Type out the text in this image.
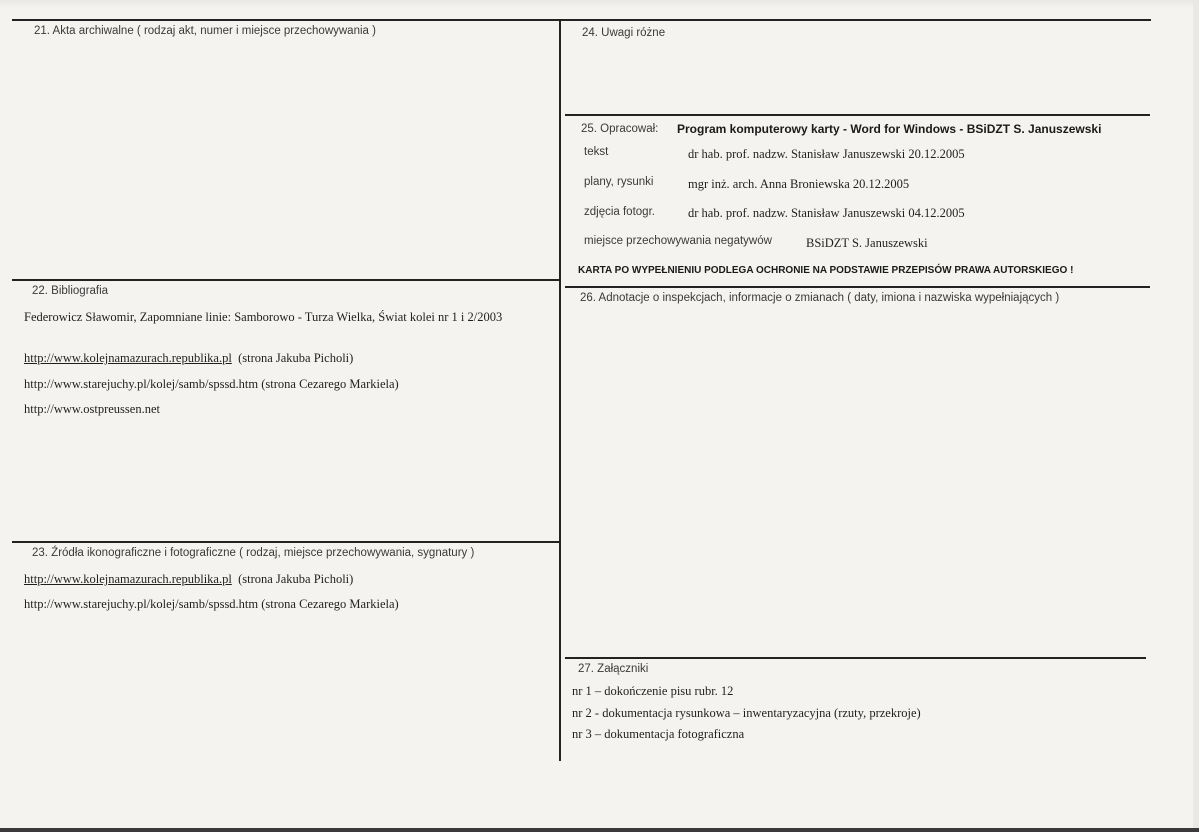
21. Akta archiwalne ( rodzaj akt, numer i miejsce przechowywania )
22. Bibliografia
Federowicz Sławomir, Zapomniane linie: Samborowo - Turza Wielka, Świat kolei nr 1 i 2/2003
http://www.kolejnamazurach.republika.pl (strona Jakuba Picholi)
http://www.starejuchy.pl/kolej/samb/spssd.htm (strona Cezarego Markiela)
http://www.ostpreussen.net
23. Źródła ikonograficzne i fotograficzne ( rodzaj, miejsce przechowywania, sygnatury )
http://www.kolejnamazurach.republika.pl (strona Jakuba Picholi)
http://www.starejuchy.pl/kolej/samb/spssd.htm (strona Cezarego Markiela)
24. Uwagi różne
25. Opracował: Program komputerowy karty - Word for Windows - BSiDZT S. Januszewski
tekst	dr hab. prof. nadzw. Stanisław Januszewski 20.12.2005
plany, rysunki	mgr inż. arch. Anna Broniewska 20.12.2005
zdjęcia fotogr.	dr hab. prof. nadzw. Stanisław Januszewski 04.12.2005
miejsce przechowywania negatywów	BSiDZT S. Januszewski
KARTA PO WYPEŁNIENIU PODLEGA OCHRONIE NA PODSTAWIE PRZEPISÓW PRAWA AUTORSKIEGO !
26. Adnotacje o inspekcjach, informacje o zmianach ( daty, imiona i nazwiska wypełniających )
27. Załączniki
nr 1 – dokończenie pisu rubr. 12
nr 2 - dokumentacja rysunkowa – inwentaryzacyjna (rzuty, przekroje)
nr 3 – dokumentacja fotograficzna
